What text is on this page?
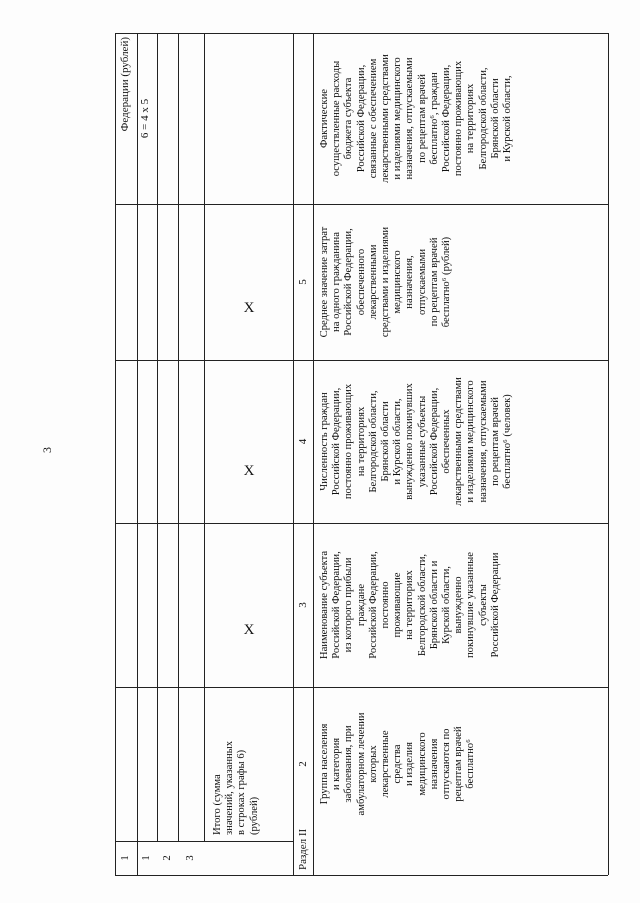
3
Федерации (рублей) 6 = 4 x 5
5
4
3
2
1 1 2	3
Итого (сумма значений, указанных в строках графы 6) (рублей)
X
X
X
Раздел II
Группа населения и категория заболевания, при амбулаторном лечении которых лекарственные средства и изделия медицинского назначения отпускаются по рецептам врачей бесплатно⁶
Наименование субъекта Российской Федерации, из которого прибыли граждане Российской Федерации, постоянно проживающие на территориях Белгородской области, Брянской области и Курской области, вынужденно покинувшие указанные субъекты Российской Федерации
Численность граждан Российской Федерации, постоянно проживающих на территориях Белгородской области, Брянской области и Курской области, вынужденно покинувших указанные субъекты Российской Федерации, обеспеченных лекарственными средствами и изделиями медицинского назначения, отпускаемыми по рецептам врачей бесплатно⁶ (человек)
Среднее значение затрат на одного гражданина Российской Федерации, обеспеченного лекарственными средствами и изделиями медицинского назначения, отпускаемыми по рецептам врачей бесплатно⁶ (рублей)
Фактические осуществленные расходы бюджета субъекта Российской Федерации, связанные с обеспечением лекарственными средствами и изделиями медицинского назначения, отпускаемыми по рецептам врачей бесплатно⁶, граждан Российской Федерации, постоянно проживающих на территориях Белгородской области, Брянской области и Курской области,
